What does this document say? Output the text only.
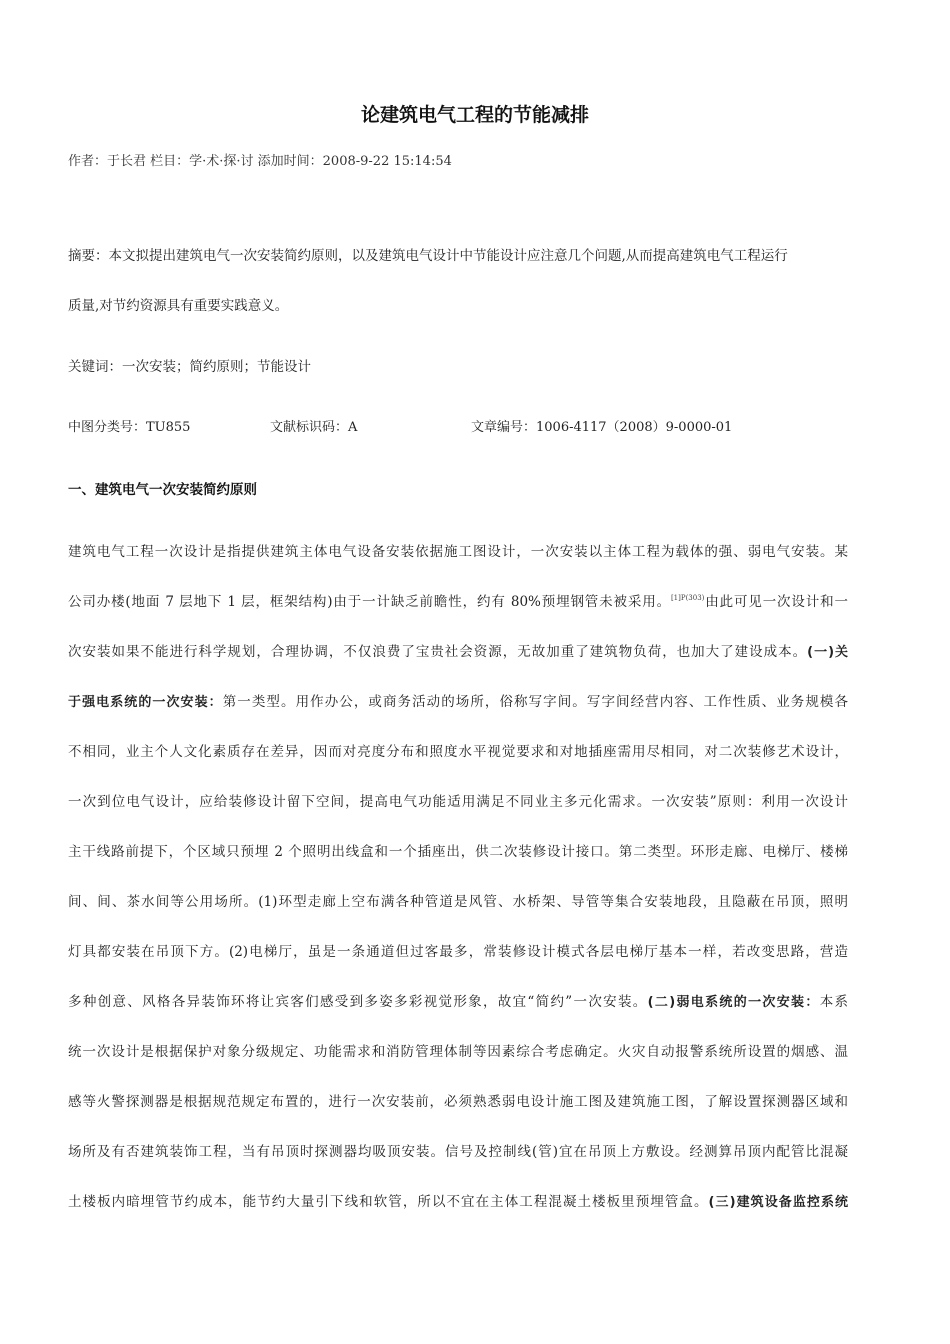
论建筑电气工程的节能减排
作者：于长君 栏目：学·术·探·讨 添加时间：2008-9-22 15:14:54
摘要：本文拟提出建筑电气一次安装简约原则，以及建筑电气设计中节能设计应注意几个问题,从而提高建筑电气工程运行
质量,对节约资源具有重要实践意义。
关键词：一次安装；简约原则；节能设计
中图分类号：TU855	文献标识码：A	文章编号：1006-4117（2008）9-0000-01
一、建筑电气一次安装简约原则
建筑电气工程一次设计是指提供建筑主体电气设备安装依据施工图设计，一次安装以主体工程为载体的强、弱电气安装。某
公司办楼(地面 7 层地下 1 层，框架结构)由于一计缺乏前瞻性，约有 80%预埋钢管未被采用。$^{[1]P(303)}$由此可见一次设计和一
次安装如果不能进行科学规划，合理协调，不仅浪费了宝贵社会资源，无故加重了建筑物负荷，也加大了建设成本。(一)关
于强电系统的一次安装：第一类型。用作办公，或商务活动的场所，俗称写字间。写字间经营内容、工作性质、业务规模各
不相同，业主个人文化素质存在差异，因而对亮度分布和照度水平视觉要求和对地插座需用尽相同，对二次装修艺术设计，
一次到位电气设计，应给装修设计留下空间，提高电气功能适用满足不同业主多元化需求。一次安装”原则：利用一次设计
主干线路前提下，个区域只预埋 2 个照明出线盒和一个插座出，供二次装修设计接口。第二类型。环形走廊、电梯厅、楼梯
间、间、茶水间等公用场所。(1)环型走廊上空布满各种管道是风管、水桥架、导管等集合安装地段，且隐蔽在吊顶，照明
灯具都安装在吊顶下方。(2)电梯厅，虽是一条通道但过客最多，常装修设计模式各层电梯厅基本一样，若改变思路，营造
多种创意、风格各异装饰环将让宾客们感受到多姿多彩视觉形象，故宜“简约”一次安装。(二)弱电系统的一次安装：本系
统一次设计是根据保护对象分级规定、功能需求和消防管理体制等因素综合考虑确定。火灾自动报警系统所设置的烟感、温
感等火警探测器是根据规范规定布置的，进行一次安装前，必须熟悉弱电设计施工图及建筑施工图，了解设置探测器区域和
场所及有否建筑装饰工程，当有吊顶时探测器均吸顶安装。信号及控制线(管)宜在吊顶上方敷设。经测算吊顶内配管比混凝
土楼板内暗埋管节约成本，能节约大量引下线和软管，所以不宜在主体工程混凝土楼板里预埋管盒。(三)建筑设备监控系统
